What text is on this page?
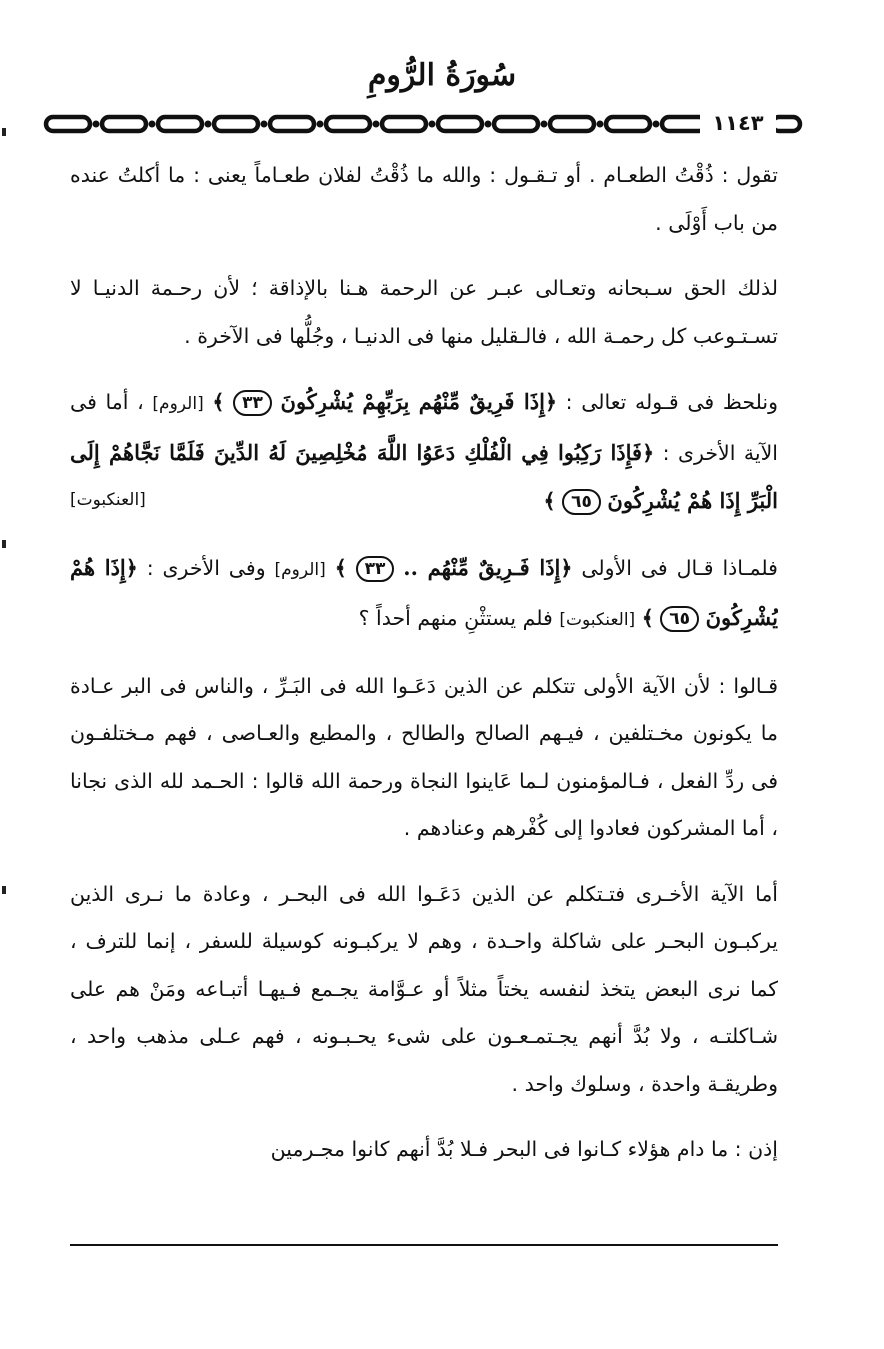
سُورَةُ الرُّومِ
١١٤٣

تقول : ذُقْتُ الطعـام . أو تـقـول : والله ما ذُقْتُ لفلان طعـاماً يعنى : ما أكلتُ عنده من باب أَوْلَى .

لذلك الحق سـبحانه وتعـالى عبـر عن الرحمة هـنا بالإذاقة ؛ لأن رحـمة الدنيـا لا تسـتـوعب كل رحمـة الله ، فالـقليل منها فى الدنيـا ، وجُلُّها فى الآخرة .

ونلحظ فى قـوله تعالى : ﴿إِذَا فَرِيقٌ مِّنْهُم بِرَبِّهِمْ يُشْرِكُونَ ٣٣ ﴾ [الروم] ، أما فى الآية الأخرى : ﴿فَإِذَا رَكِبُوا فِي الْفُلْكِ دَعَوُا اللَّهَ مُخْلِصِينَ لَهُ الدِّينَ فَلَمَّا نَجَّاهُمْ إِلَى الْبَرِّ إِذَا هُمْ يُشْرِكُونَ ٦٥ ﴾
[العنكبوت]

فلمـاذا قـال فى الأولى ﴿إِذَا فَـرِيقٌ مِّنْهُم .. ٣٣ ﴾ [الروم] وفى الأخرى : ﴿إِذَا هُمْ يُشْرِكُونَ ٦٥ ﴾ [العنكبوت] فلم يستثْنِ منهم أحداً ؟

قـالوا : لأن الآية الأولى تتكلم عن الذين دَعَـوا الله فى البَـرِّ ، والناس فى البر عـادة ما يكونون مخـتلفين ، فيـهم الصالح والطالح ، والمطيع والعـاصى ، فهم مـختلفـون فى ردِّ الفعل ، فـالمؤمنون لـما عَاينوا النجاة ورحمة الله قالوا : الحـمد لله الذى نجانا ، أما المشركون فعادوا إلى كُفْرهم وعنادهم .

أما الآية الأخـرى فتـتكلم عن الذين دَعَـوا الله فى البحـر ، وعادة ما نـرى الذين يركبـون البحـر على شاكلة واحـدة ، وهم لا يركبـونه كوسيلة للسفر ، إنما للترف ، كما نرى البعض يتخذ لنفسه يختاً مثلاً أو عـوَّامة يجـمع فـيهـا أتبـاعه ومَنْ هم على شـاكلتـه ، ولا بُدَّ أنهم يجـتمـعـون على شىء يحـبـونه ، فهم عـلى مذهب واحد ، وطريقـة واحدة ، وسلوك واحد .

إذن : ما دام هؤلاء كـانوا فى البحر فـلا بُدَّ أنهم كانوا مجـرمين
